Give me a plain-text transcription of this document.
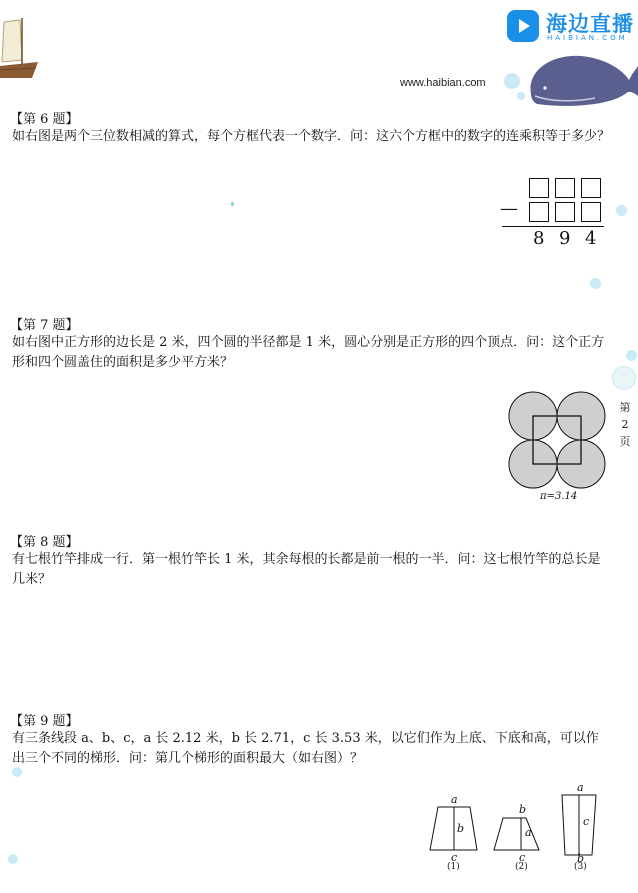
海边直播
HAIBIAN.COM
www.haibian.com
第
2
页
【第 6 题】
如右图是两个三位数相减的算式，每个方框代表一个数字．问：这六个方框中的数字的连乘积等于多少？
—
8 9 4
【第 7 题】
如右图中正方形的边长是 2 米，四个圆的半径都是 1 米，圆心分别是正方形的四个顶点．问：这个正方形和四个圆盖住的面积是多少平方米？
π=3.14
【第 8 题】
有七根竹竿排成一行．第一根竹竿长 1 米，其余每根的长都是前一根的一半．问：这七根竹竿的总长是几米？
【第 9 题】
有三条线段 a、b、c，a 长 2.12 米，b 长 2.71，c 长 3.53 米，以它们作为上底、下底和高，可以作出三个不同的梯形．问：第几个梯形的面积最大（如右图）？
a
b
c
(1)
b
a
c
(2)
a
c
b
(3)
